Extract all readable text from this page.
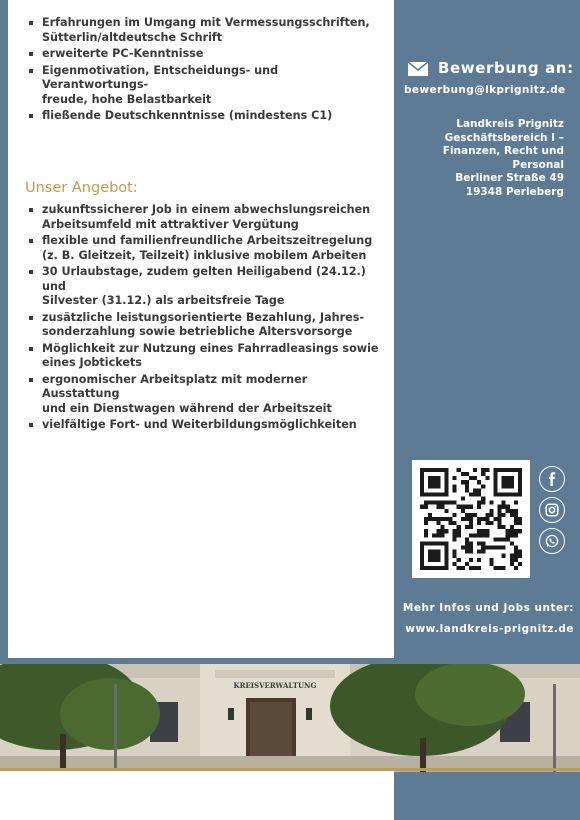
Erfahrungen im Umgang mit Vermessungsschriften,
Sütterlin/altdeutsche Schrift
erweiterte PC-Kenntnisse
Eigenmotivation, Entscheidungs- und Verantwortungs-
freude, hohe Belastbarkeit
fließende Deutschkenntnisse (mindestens C1)
Unser Angebot:
zukunftssicherer Job in einem abwechslungsreichen
Arbeitsumfeld mit attraktiver Vergütung
flexible und familienfreundliche Arbeitszeitregelung
(z. B. Gleitzeit, Teilzeit) inklusive mobilem Arbeiten
30 Urlaubstage, zudem gelten Heiligabend (24.12.) und
Silvester (31.12.) als arbeitsfreie Tage
zusätzliche leistungsorientierte Bezahlung, Jahres-
sonderzahlung sowie betriebliche Altersvorsorge
Möglichkeit zur Nutzung eines Fahrradleasings sowie
eines Jobtickets
ergonomischer Arbeitsplatz mit moderner Ausstattung
und ein Dienstwagen während der Arbeitszeit
vielfältige Fort- und Weiterbildungsmöglichkeiten
Bewerbung an:
bewerbung@lkprignitz.de
Landkreis Prignitz
Geschäftsbereich I –
Finanzen, Recht und
Personal
Berliner Straße 49
19348 Perleberg
Mehr Infos und Jobs unter:
www.landkreis-prignitz.de
KREISVERWALTUNG
